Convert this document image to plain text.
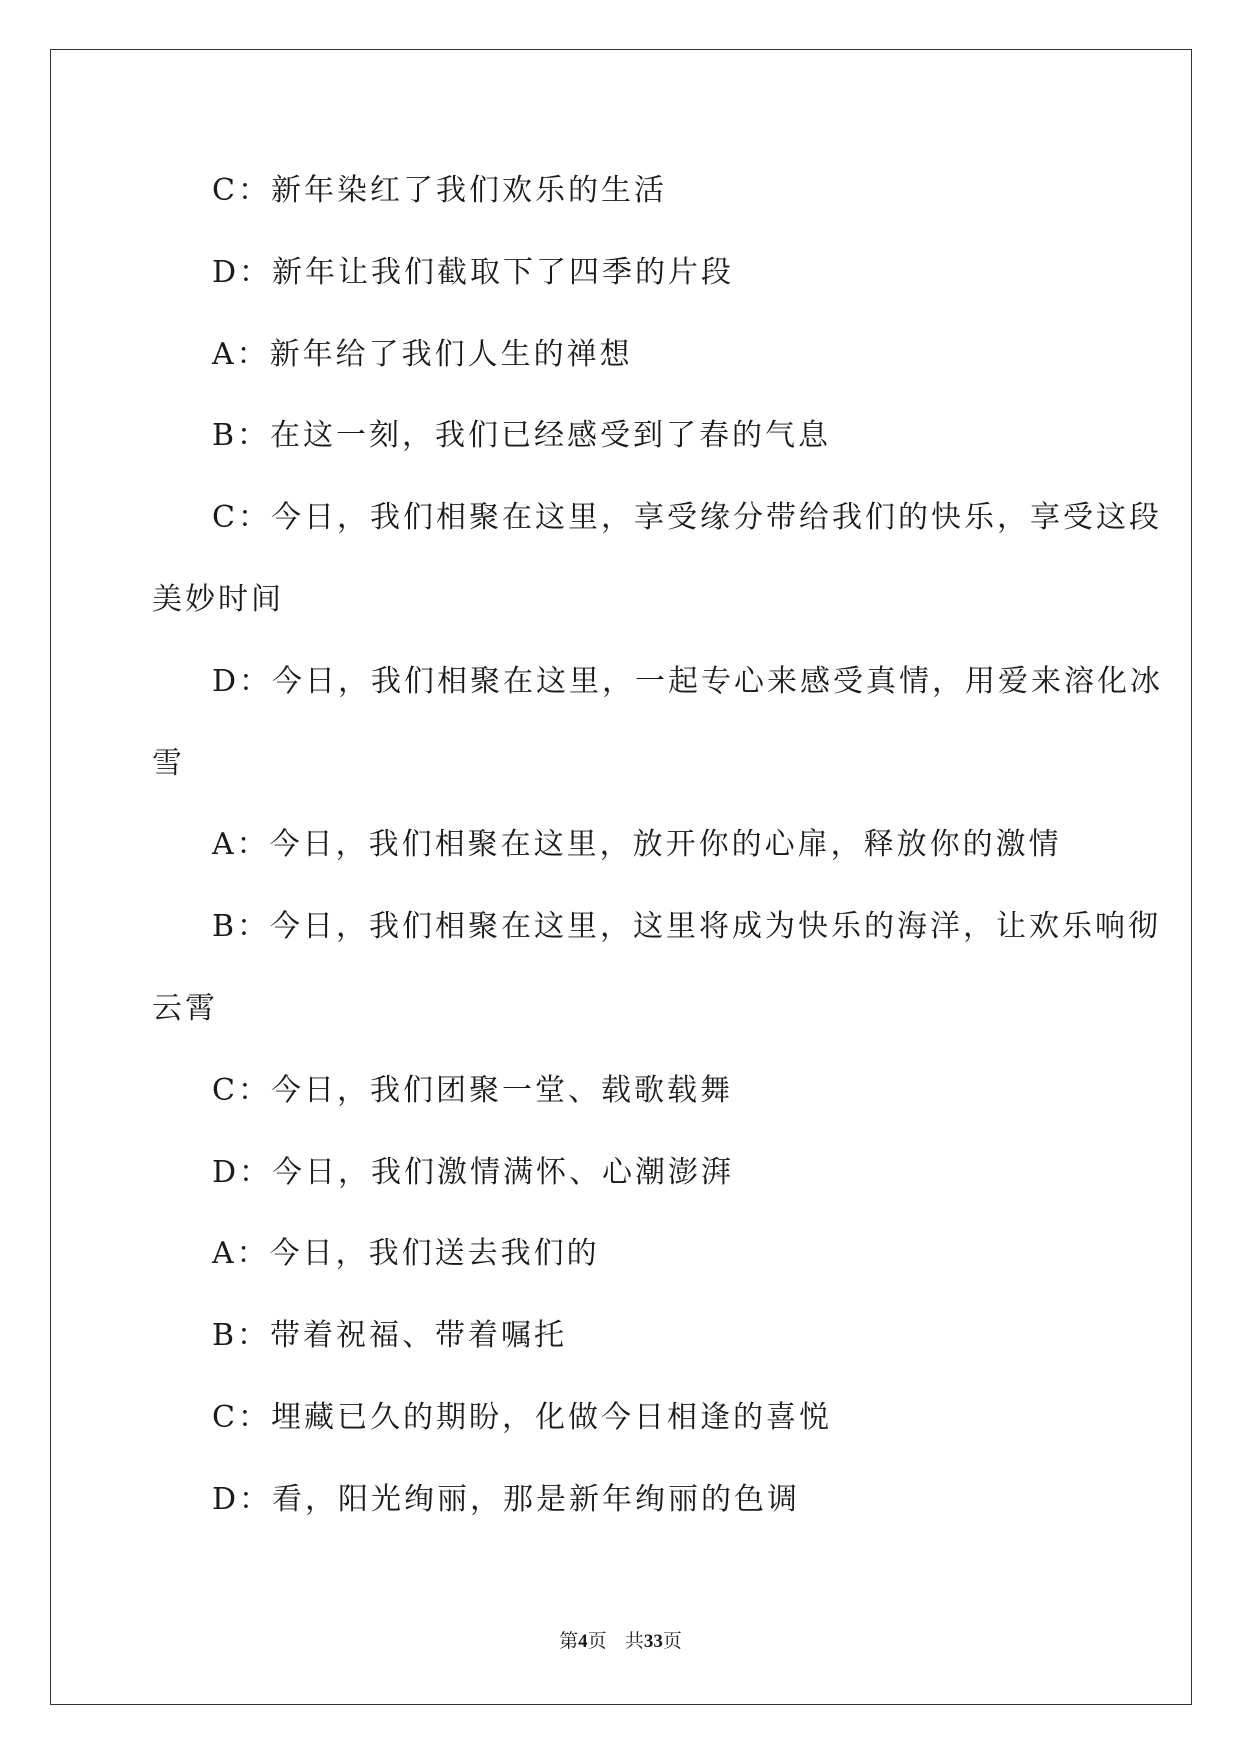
C：新年染红了我们欢乐的生活
D：新年让我们截取下了四季的片段
A：新年给了我们人生的禅想
B：在这一刻，我们已经感受到了春的气息
C：今日，我们相聚在这里，享受缘分带给我们的快乐，享受这段
美妙时间
D：今日，我们相聚在这里，一起专心来感受真情，用爱来溶化冰
雪
A：今日，我们相聚在这里，放开你的心扉，释放你的激情
B：今日，我们相聚在这里，这里将成为快乐的海洋，让欢乐响彻
云霄
C：今日，我们团聚一堂、载歌载舞
D：今日，我们激情满怀、心潮澎湃
A：今日，我们送去我们的
B：带着祝福、带着嘱托
C：埋藏已久的期盼，化做今日相逢的喜悦
D：看，阳光绚丽，那是新年绚丽的色调
第4页 共33页
